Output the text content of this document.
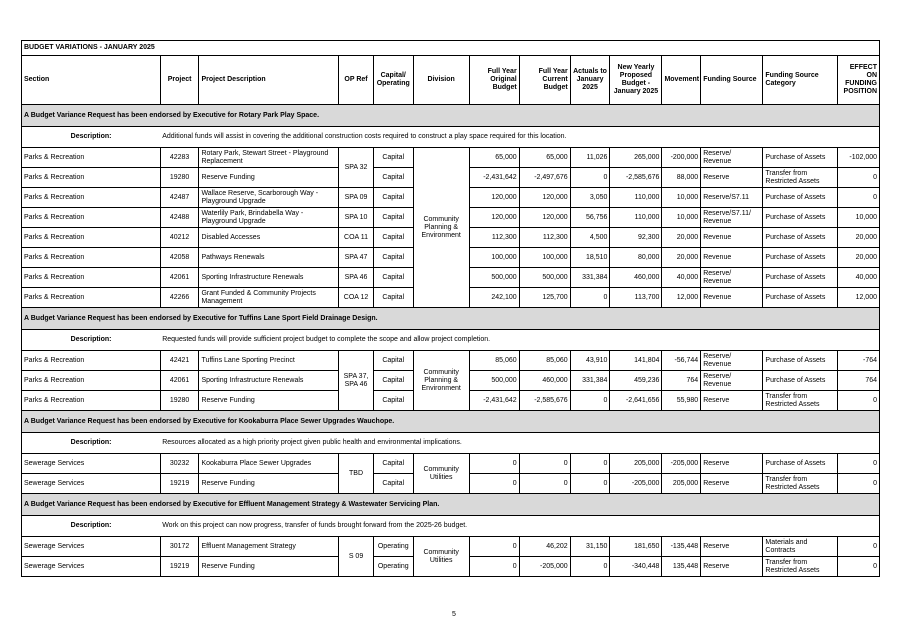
BUDGET VARIATIONS - JANUARY 2025													
Section	Project	Project Description	OP Ref	Capital/ Operating	Division	Full Year Original Budget	Full Year Current Budget	Actuals to January 2025	New Yearly Proposed Budget - January 2025	Movement	Funding Source	Funding Source Category	EFFECT ON FUNDING POSITION
A Budget Variance Request has been endorsed by Executive for Rotary Park Play Space.													
Description:	Additional funds will assist in covering the additional construction costs required to construct a play space required for this location.												
Parks & Recreation	42283	Rotary Park, Stewart Street - Playground Replacement	SPA 32	Capital	Community Planning & Environment	65,000	65,000	11,026	265,000	-200,000	Reserve/ Revenue	Purchase of Assets	-102,000
Parks & Recreation	19280	Reserve Funding		Capital		-2,431,642	-2,497,676	0	-2,585,676	88,000	Reserve	Transfer from Restricted Assets	0
Parks & Recreation	42487	Wallace Reserve, Scarborough Way - Playground Upgrade	SPA 09	Capital		120,000	120,000	3,050	110,000	10,000	Reserve/S7.11	Purchase of Assets	0
Parks & Recreation	42488	Waterlily Park, Brindabella Way - Playground Upgrade	SPA 10	Capital		120,000	120,000	56,756	110,000	10,000	Reserve/S7.11/ Revenue	Purchase of Assets	10,000
Parks & Recreation	40212	Disabled Accesses	COA 11	Capital		112,300	112,300	4,500	92,300	20,000	Revenue	Purchase of Assets	20,000
Parks & Recreation	42058	Pathways Renewals	SPA 47	Capital		100,000	100,000	18,510	80,000	20,000	Revenue	Purchase of Assets	20,000
Parks & Recreation	42061	Sporting Infrastructure Renewals	SPA 46	Capital		500,000	500,000	331,384	460,000	40,000	Reserve/ Revenue	Purchase of Assets	40,000
Parks & Recreation	42266	Grant Funded & Community Projects Management	COA 12	Capital		242,100	125,700	0	113,700	12,000	Revenue	Purchase of Assets	12,000
A Budget Variance Request has been endorsed by Executive for Tuffins Lane Sport Field Drainage Design.													
Description:	Requested funds will provide sufficient project budget to complete the scope and allow project completion.												
Parks & Recreation	42421	Tuffins Lane Sporting Precinct	SPA 37, SPA 46	Capital	Community Planning & Environment	85,060	85,060	43,910	141,804	-56,744	Reserve/ Revenue	Purchase of Assets	-764
Parks & Recreation	42061	Sporting Infrastructure Renewals		Capital		500,000	460,000	331,384	459,236	764	Reserve/ Revenue	Purchase of Assets	764
Parks & Recreation	19280	Reserve Funding		Capital		-2,431,642	-2,585,676	0	-2,641,656	55,980	Reserve	Transfer from Restricted Assets	0
A Budget Variance Request has been endorsed by Executive for Kookaburra Place Sewer Upgrades Wauchope.													
Description:	Resources allocated as a high priority project given public health and environmental implications.												
Sewerage Services	30232	Kookaburra Place Sewer Upgrades	TBD	Capital	Community Utilities	0	0	0	205,000	-205,000	Reserve	Purchase of Assets	0
Sewerage Services	19219	Reserve Funding		Capital		0	0	0	-205,000	205,000	Reserve	Transfer from Restricted Assets	0
A Budget Variance Request has been endorsed by Executive for Effluent Management Strategy & Wastewater Servicing Plan.													
Description:	Work on this project can now progress, transfer of funds brought forward from the 2025-26 budget.												
Sewerage Services	30172	Effluent Management Strategy	S 09	Operating	Community Utilities	0	46,202	31,150	181,650	-135,448	Reserve	Materials and Contracts	0
Sewerage Services	19219	Reserve Funding		Operating		0	-205,000	0	-340,448	135,448	Reserve	Transfer from Restricted Assets	0
5
